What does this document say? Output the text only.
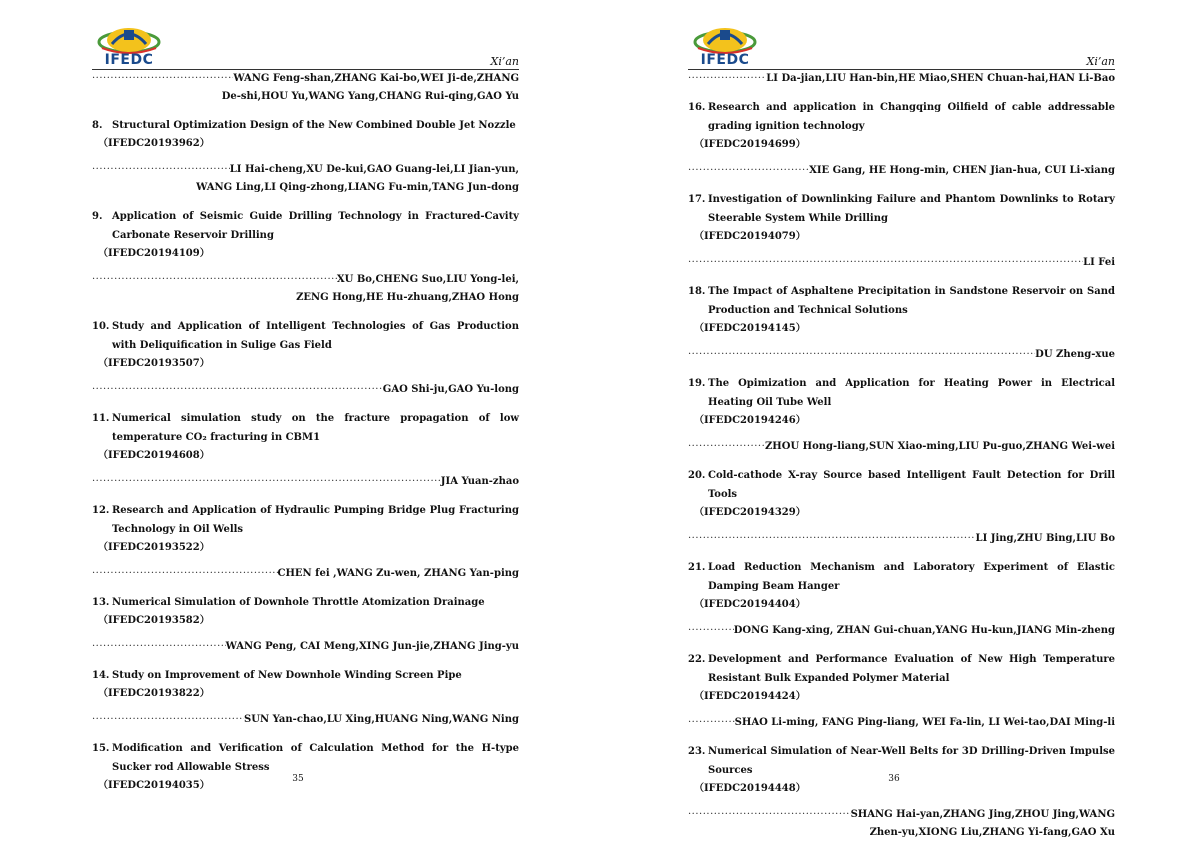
IFEDC	Xi’an
·····
WANG Feng-shan,ZHANG Kai-bo,WEI Ji-de,ZHANG
De-shi,HOU Yu,WANG Yang,CHANG Rui-qing,GAO Yu
8. Structural Optimization Design of the New Combined Double Jet Nozzle
（IFEDC20193962）
·····
LI Hai-cheng,XU De-kui,GAO Guang-lei,LI Jian-yun,
WANG Ling,LI Qing-zhong,LIANG Fu-min,TANG Jun-dong
9. Application of Seismic Guide Drilling Technology in Fractured-Cavity Carbonate Reservoir Drilling
（IFEDC20194109）
·····
XU Bo,CHENG Suo,LIU Yong-lei,
ZENG Hong,HE Hu-zhuang,ZHAO Hong
10. Study and Application of Intelligent Technologies of Gas Production with Deliquification in Sulige Gas Field
（IFEDC20193507）
·····
GAO Shi-ju,GAO Yu-long
11. Numerical simulation study on the fracture propagation of low temperature CO₂ fracturing in CBM1
（IFEDC20194608）
·····
JIA Yuan-zhao
12. Research and Application of Hydraulic Pumping Bridge Plug Fracturing Technology in Oil Wells
（IFEDC20193522）
·····
CHEN fei ,WANG Zu-wen, ZHANG Yan-ping
13. Numerical Simulation of Downhole Throttle Atomization Drainage
（IFEDC20193582）
·····
WANG Peng, CAI Meng,XING Jun-jie,ZHANG Jing-yu
14. Study on Improvement of New Downhole Winding Screen Pipe
（IFEDC20193822）
·····
SUN Yan-chao,LU Xing,HUANG Ning,WANG Ning
15. Modification and Verification of Calculation Method for the H-type Sucker rod Allowable Stress
（IFEDC20194035）
35
IFEDC	Xi’an
·····
LI Da-jian,LIU Han-bin,HE Miao,SHEN Chuan-hai,HAN Li-Bao
16. Research and application in Changqing Oilfield of cable addressable grading ignition technology
（IFEDC20194699）
·····
XIE Gang, HE Hong-min, CHEN Jian-hua, CUI Li-xiang
17. Investigation of Downlinking Failure and Phantom Downlinks to Rotary Steerable System While Drilling
（IFEDC20194079）
·····
LI Fei
18. The Impact of Asphaltene Precipitation in Sandstone Reservoir on Sand Production and Technical Solutions
（IFEDC20194145）
·····
DU Zheng-xue
19. The Opimization and Application for Heating Power in Electrical Heating Oil Tube Well
（IFEDC20194246）
·····
ZHOU Hong-liang,SUN Xiao-ming,LIU Pu-guo,ZHANG Wei-wei
20. Cold-cathode X-ray Source based Intelligent Fault Detection for Drill Tools
（IFEDC20194329）
·····
LI Jing,ZHU Bing,LIU Bo
21. Load Reduction Mechanism and Laboratory Experiment of Elastic Damping Beam Hanger
（IFEDC20194404）
·····
DONG Kang-xing, ZHAN Gui-chuan,YANG Hu-kun,JIANG Min-zheng
22. Development and Performance Evaluation of New High Temperature Resistant Bulk Expanded Polymer Material
（IFEDC20194424）
·····
SHAO Li-ming, FANG Ping-liang, WEI Fa-lin, LI Wei-tao,DAI Ming-li
23. Numerical Simulation of Near-Well Belts for 3D Drilling-Driven Impulse Sources
（IFEDC20194448）
·····
SHANG Hai-yan,ZHANG Jing,ZHOU Jing,WANG
Zhen-yu,XIONG Liu,ZHANG Yi-fang,GAO Xu
36
